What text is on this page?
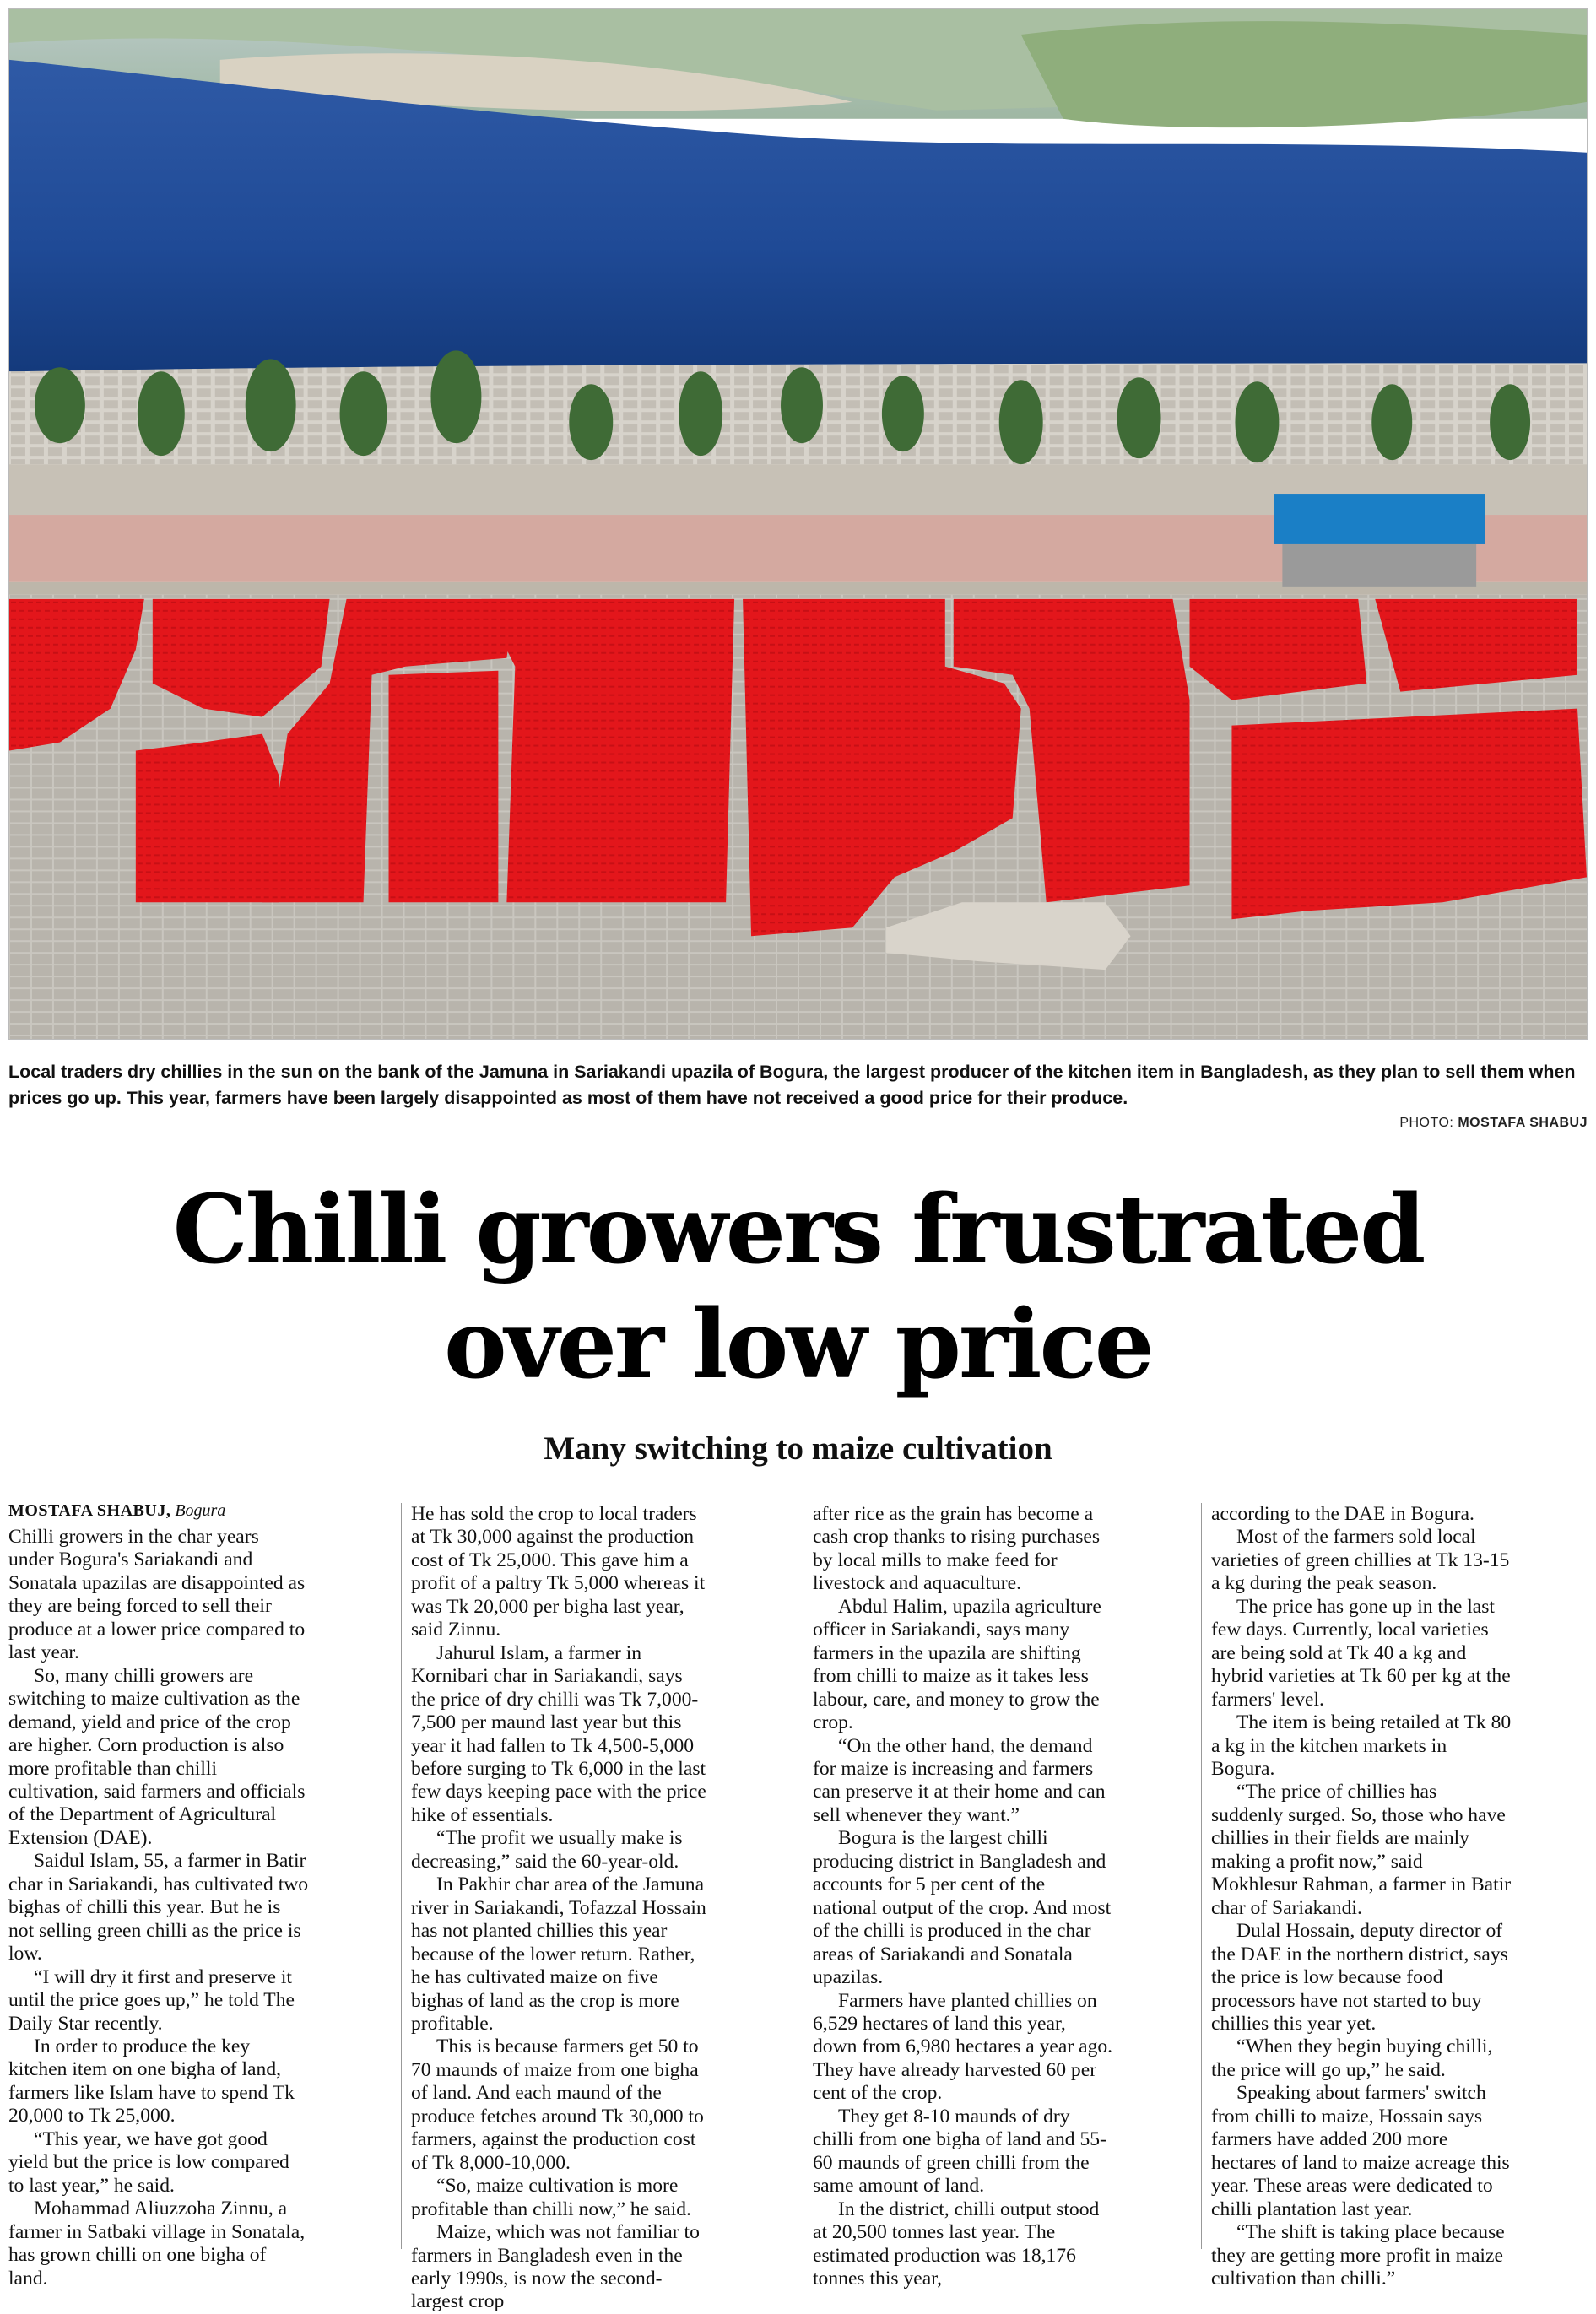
Local traders dry chillies in the sun on the bank of the Jamuna in Sariakandi upazila of Bogura, the largest producer of the kitchen item in Bangladesh, as they plan to sell them when prices go up. This year, farmers have been largely disappointed as most of them have not received a good price for their produce.

PHOTO: MOSTAFA SHABUJ
Chilli growers frustrated
over low price
Many switching to maize cultivation
MOSTAFA SHABUJ, Bogura

Chilli growers in the char years under Bogura's Sariakandi and Sonatala upazilas are disappointed as they are being forced to sell their produce at a lower price compared to last year.

So, many chilli growers are switching to maize cultivation as the demand, yield and price of the crop are higher. Corn production is also more profitable than chilli cultivation, said farmers and officials of the Department of Agricultural Extension (DAE).

Saidul Islam, 55, a farmer in Batir char in Sariakandi, has cultivated two bighas of chilli this year. But he is not selling green chilli as the price is low.

“I will dry it first and preserve it until the price goes up,” he told The Daily Star recently.

In order to produce the key kitchen item on one bigha of land, farmers like Islam have to spend Tk 20,000 to Tk 25,000.

“This year, we have got good yield but the price is low compared to last year,” he said.

Mohammad Aliuzzoha Zinnu, a farmer in Satbaki village in Sonatala, has grown chilli on one bigha of land.

He has sold the crop to local traders at Tk 30,000 against the production cost of Tk 25,000. This gave him a profit of a paltry Tk 5,000 whereas it was Tk 20,000 per bigha last year, said Zinnu.

Jahurul Islam, a farmer in Kornibari char in Sariakandi, says the price of dry chilli was Tk 7,000-7,500 per maund last year but this year it had fallen to Tk 4,500-5,000 before surging to Tk 6,000 in the last few days keeping pace with the price hike of essentials.

“The profit we usually make is decreasing,” said the 60-year-old.

In Pakhir char area of the Jamuna river in Sariakandi, Tofazzal Hossain has not planted chillies this year because of the lower return. Rather, he has cultivated maize on five bighas of land as the crop is more profitable.

This is because farmers get 50 to 70 maunds of maize from one bigha of land. And each maund of the produce fetches around Tk 30,000 to farmers, against the production cost of Tk 8,000-10,000.

“So, maize cultivation is more profitable than chilli now,” he said.

Maize, which was not familiar to farmers in Bangladesh even in the early 1990s, is now the second-largest crop

after rice as the grain has become a cash crop thanks to rising purchases by local mills to make feed for livestock and aquaculture.

Abdul Halim, upazila agriculture officer in Sariakandi, says many farmers in the upazila are shifting from chilli to maize as it takes less labour, care, and money to grow the crop.

“On the other hand, the demand for maize is increasing and farmers can preserve it at their home and can sell whenever they want.”

Bogura is the largest chilli producing district in Bangladesh and accounts for 5 per cent of the national output of the crop. And most of the chilli is produced in the char areas of Sariakandi and Sonatala upazilas.

Farmers have planted chillies on 6,529 hectares of land this year, down from 6,980 hectares a year ago. They have already harvested 60 per cent of the crop.

They get 8-10 maunds of dry chilli from one bigha of land and 55-60 maunds of green chilli from the same amount of land.

In the district, chilli output stood at 20,500 tonnes last year. The estimated production was 18,176 tonnes this year,

according to the DAE in Bogura.

Most of the farmers sold local varieties of green chillies at Tk 13-15 a kg during the peak season.

The price has gone up in the last few days. Currently, local varieties are being sold at Tk 40 a kg and hybrid varieties at Tk 60 per kg at the farmers' level.

The item is being retailed at Tk 80 a kg in the kitchen markets in Bogura.

“The price of chillies has suddenly surged. So, those who have chillies in their fields are mainly making a profit now,” said Mokhlesur Rahman, a farmer in Batir char of Sariakandi.

Dulal Hossain, deputy director of the DAE in the northern district, says the price is low because food processors have not started to buy chillies this year yet.

“When they begin buying chilli, the price will go up,” he said.

Speaking about farmers' switch from chilli to maize, Hossain says farmers have added 200 more hectares of land to maize acreage this year. These areas were dedicated to chilli plantation last year.

“The shift is taking place because they are getting more profit in maize cultivation than chilli.”
